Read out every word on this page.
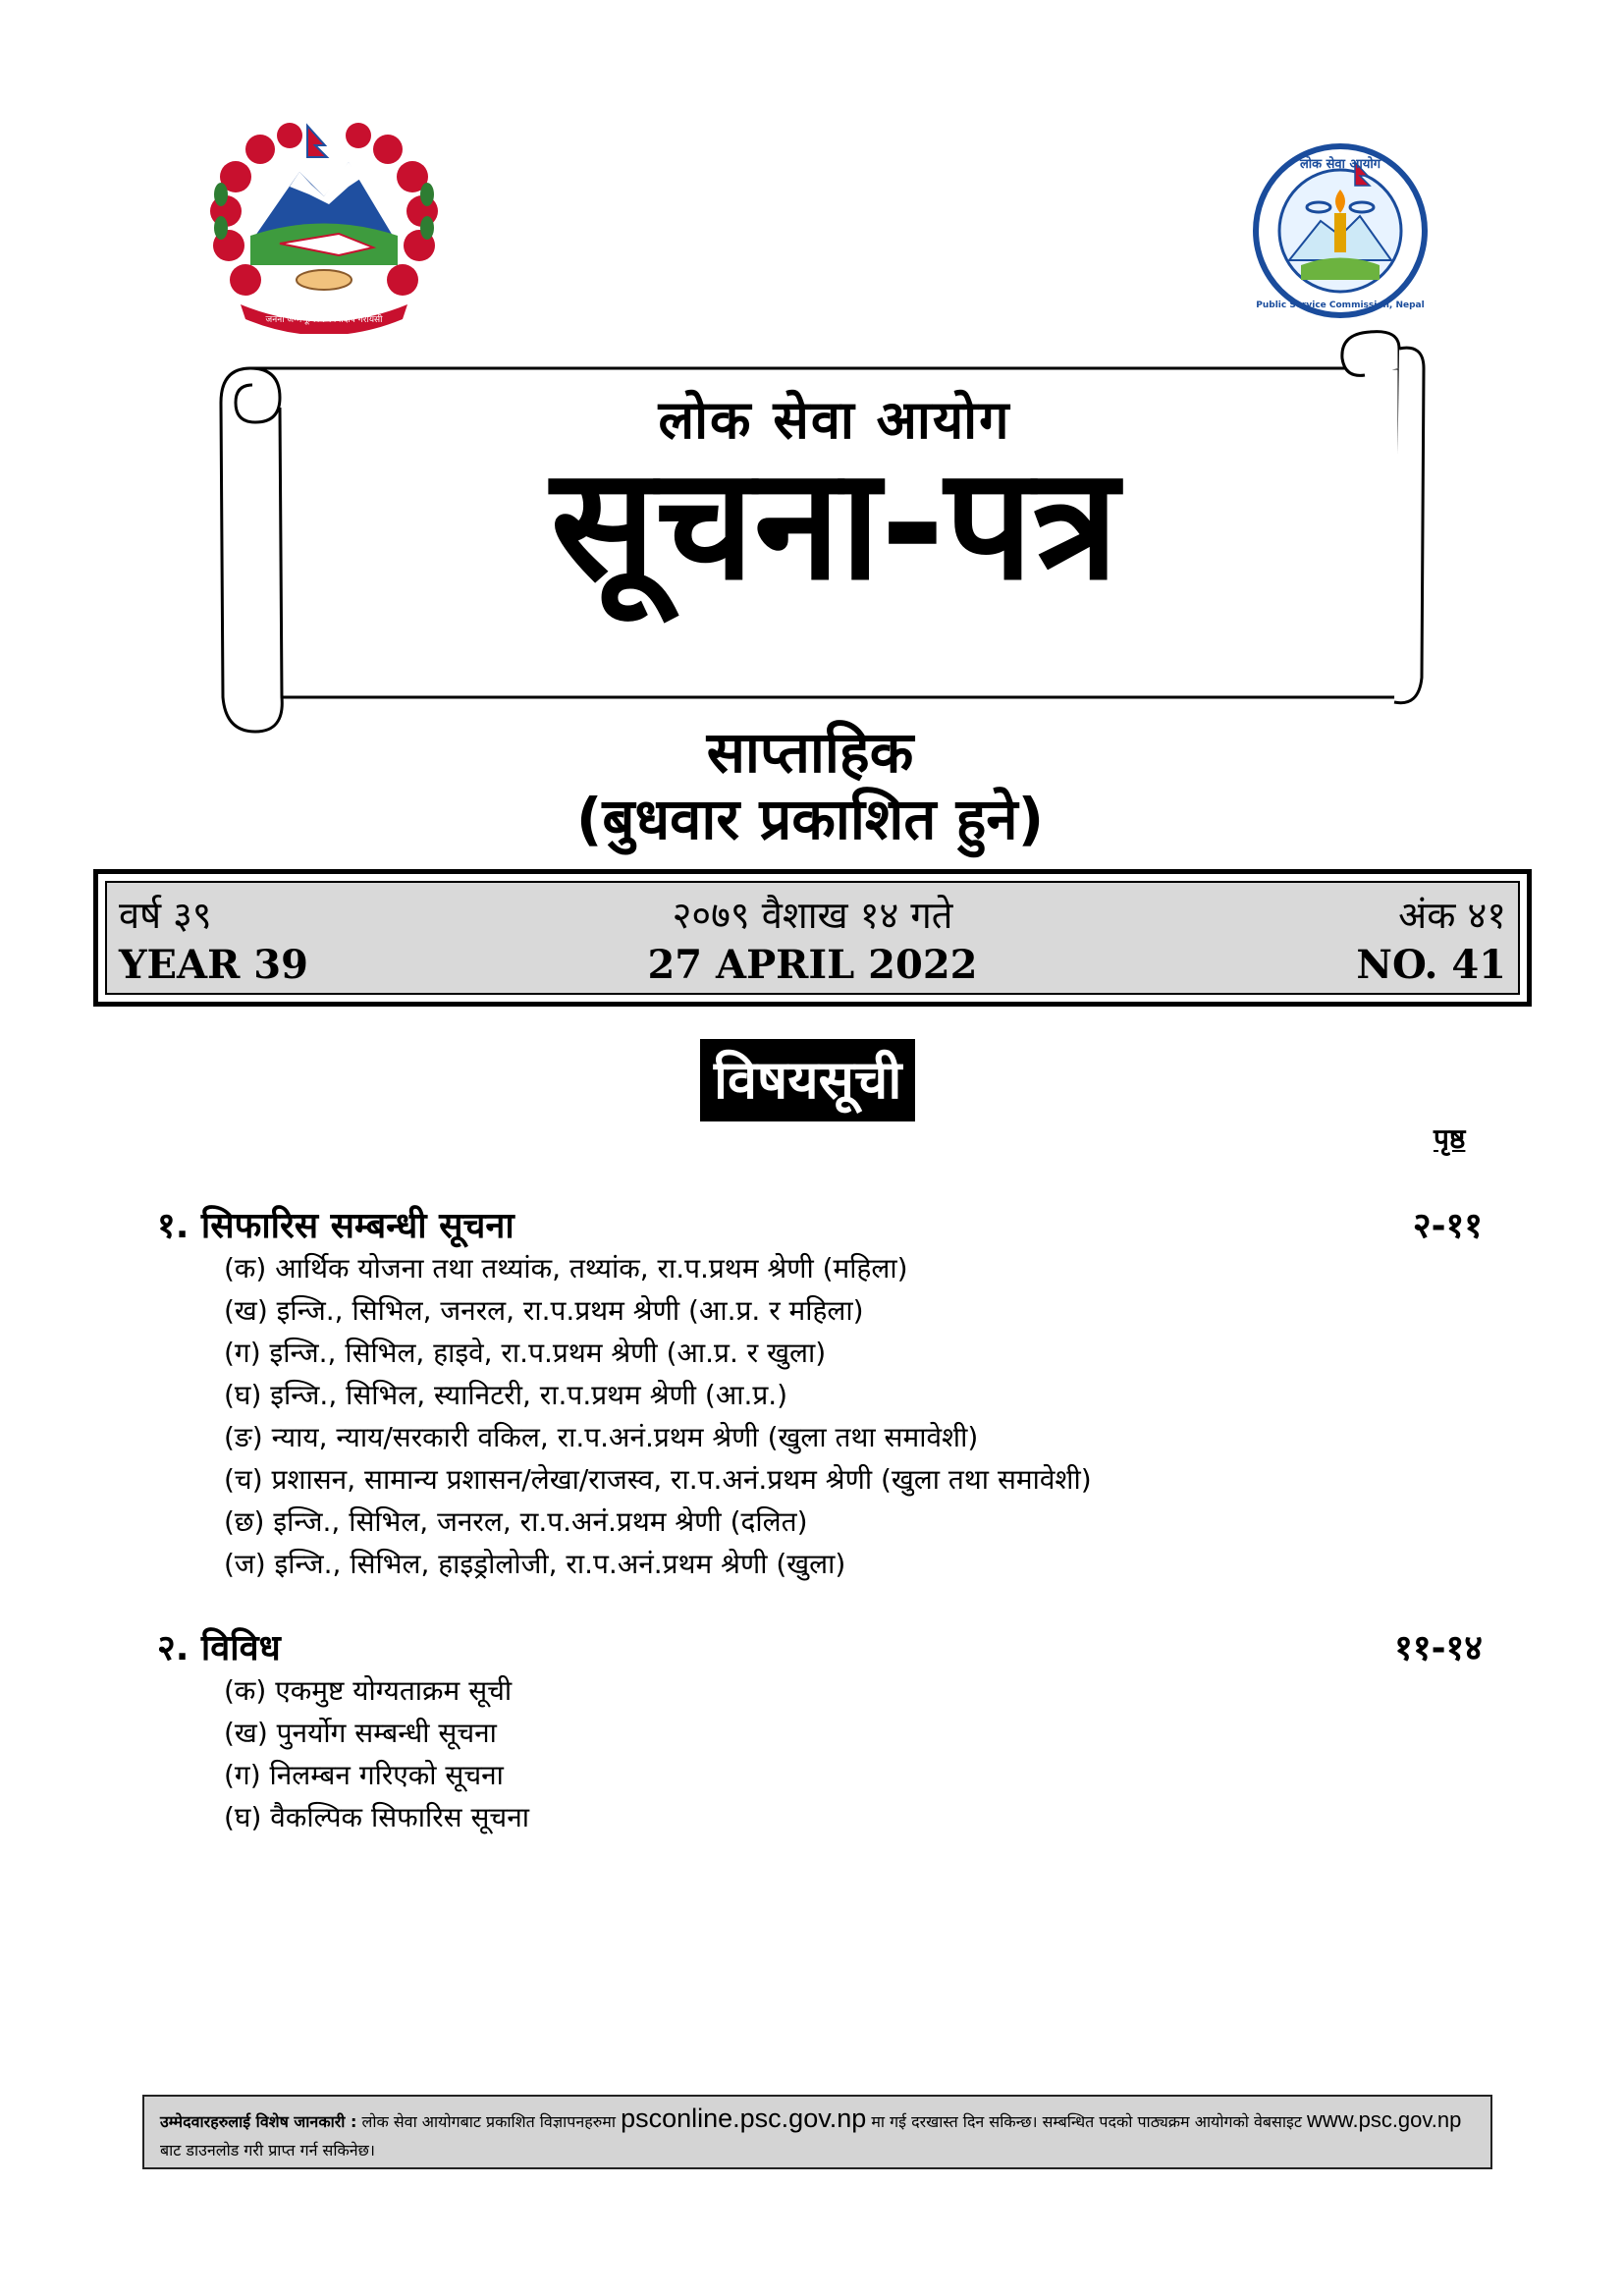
जननी जन्मभूमिश्च स्वर्गादपि गरीयसी
लोक सेवा आयोग
Public Service Commission, Nepal
लोक सेवा आयोग
सूचना-पत्र
साप्ताहिक
(बुधवार प्रकाशित हुने)
वर्ष ३९
YEAR 39
२०७९ वैशाख १४ गते
27 APRIL 2022
अंक ४१
NO. 41
विषयसूची
पृष्ठ
१. सिफारिस सम्बन्धी सूचना	२-११
(क) आर्थिक योजना तथा तथ्यांक, तथ्यांक, रा.प.प्रथम श्रेणी (महिला)
(ख) इन्जि., सिभिल, जनरल, रा.प.प्रथम श्रेणी (आ.प्र. र महिला)
(ग) इन्जि., सिभिल, हाइवे, रा.प.प्रथम श्रेणी (आ.प्र. र खुला)
(घ) इन्जि., सिभिल, स्यानिटरी, रा.प.प्रथम श्रेणी (आ.प्र.)
(ङ) न्याय, न्याय/सरकारी वकिल, रा.प.अनं.प्रथम श्रेणी (खुला तथा समावेशी)
(च) प्रशासन, सामान्य प्रशासन/लेखा/राजस्व, रा.प.अनं.प्रथम श्रेणी (खुला तथा समावेशी)
(छ) इन्जि., सिभिल, जनरल, रा.प.अनं.प्रथम श्रेणी (दलित)
(ज) इन्जि., सिभिल, हाइड्रोलोजी, रा.प.अनं.प्रथम श्रेणी (खुला)
२. विविध	११-१४
(क) एकमुष्ट योग्यताक्रम सूची
(ख) पुनर्योग सम्बन्धी सूचना
(ग) निलम्बन गरिएको सूचना
(घ) वैकल्पिक सिफारिस सूचना
उम्मेदवारहरुलाई विशेष जानकारी : लोक सेवा आयोगबाट प्रकाशित विज्ञापनहरुमा psconline.psc.gov.np मा गई दरखास्त दिन सकिन्छ। सम्बन्धित पदको पाठ्यक्रम आयोगको वेबसाइट www.psc.gov.np बाट डाउनलोड गरी प्राप्त गर्न सकिनेछ।
